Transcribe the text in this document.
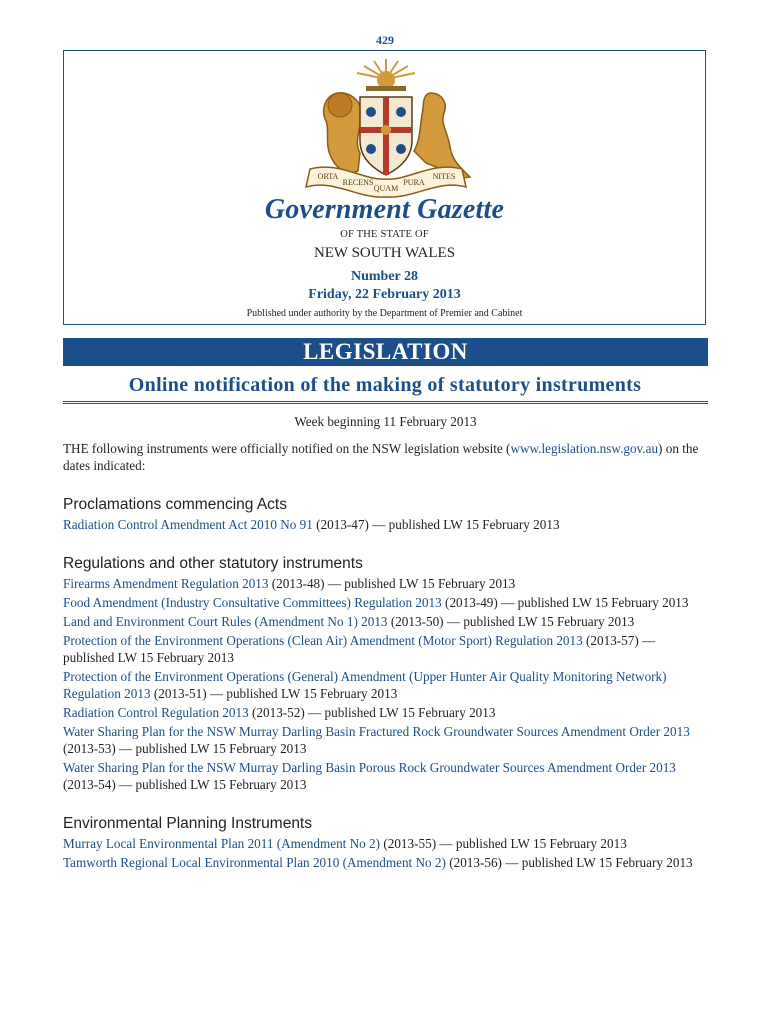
429
ORTA
RECENS
QUAM
PURA
NITES
Government Gazette
OF THE STATE OF
NEW SOUTH WALES
Number 28
Friday, 22 February 2013
Published under authority by the Department of Premier and Cabinet
LEGISLATION
Online notification of the making of statutory instruments

Week beginning 11 February 2013

THE following instruments were officially notified on the NSW legislation website (www.legislation.nsw.gov.au) on the dates indicated:

Proclamations commencing Acts

Radiation Control Amendment Act 2010 No 91 (2013-47) — published LW 15 February 2013

Regulations and other statutory instruments

Firearms Amendment Regulation 2013 (2013-48) — published LW 15 February 2013

Food Amendment (Industry Consultative Committees) Regulation 2013 (2013-49) — published LW 15 February 2013

Land and Environment Court Rules (Amendment No 1) 2013 (2013-50) — published LW 15 February 2013

Protection of the Environment Operations (Clean Air) Amendment (Motor Sport) Regulation 2013 (2013-57) — published LW 15 February 2013

Protection of the Environment Operations (General) Amendment (Upper Hunter Air Quality Monitoring Network) Regulation 2013 (2013-51) — published LW 15 February 2013

Radiation Control Regulation 2013 (2013-52) — published LW 15 February 2013

Water Sharing Plan for the NSW Murray Darling Basin Fractured Rock Groundwater Sources Amendment Order 2013 (2013-53) — published LW 15 February 2013

Water Sharing Plan for the NSW Murray Darling Basin Porous Rock Groundwater Sources Amendment Order 2013 (2013-54) — published LW 15 February 2013

Environmental Planning Instruments

Murray Local Environmental Plan 2011 (Amendment No 2) (2013-55) — published LW 15 February 2013

Tamworth Regional Local Environmental Plan 2010 (Amendment No 2) (2013-56) — published LW 15 February 2013
